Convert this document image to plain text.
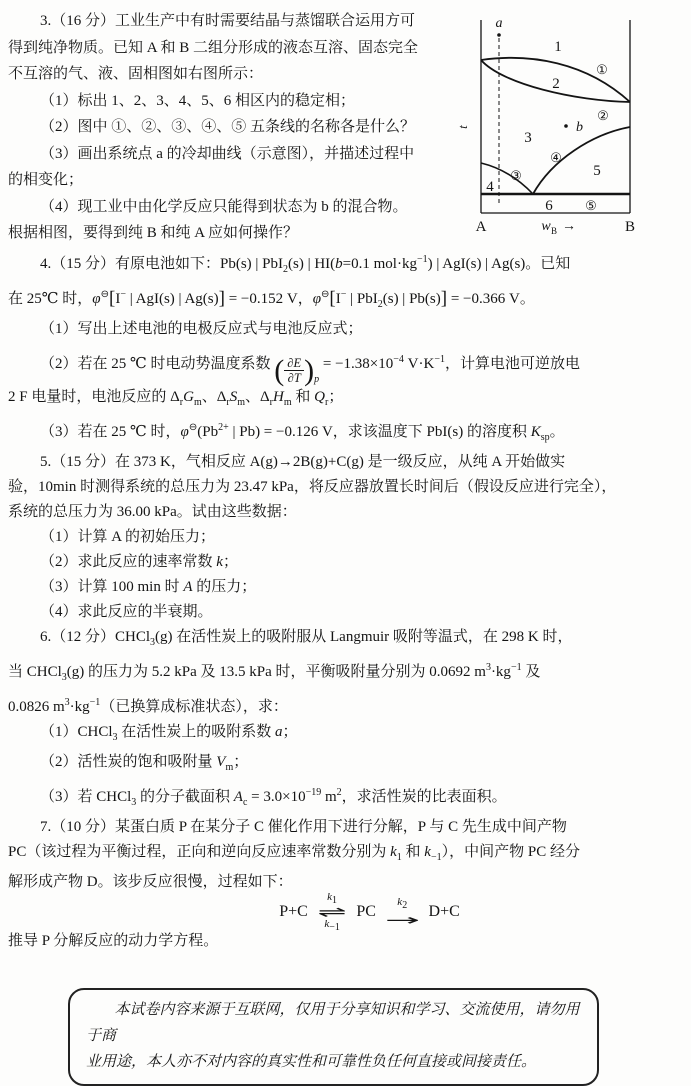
3.（16 分）工业生产中有时需要结晶与蒸馏联合运用方可
得到纯净物质。已知 A 和 B 二组分形成的液态互溶、固态完全
不互溶的气、液、固相图如右图所示：
（1）标出 1、2、3、4、5、6 相区内的稳定相；
（2）图中 ①、②、③、④、⑤ 五条线的名称各是什么？
（3）画出系统点 a 的冷却曲线（示意图），并描述过程中
的相变化；
（4）现工业中由化学反应只能得到状态为 b 的混合物。
根据相图，要得到纯 B 和纯 A 应如何操作？
a
b
1
2
3
4
5
6
①
②
③
④
⑤
t
A	B
w B →
4.（15 分）有原电池如下：Pb(s) | PbI$_2$(s) | HI(b=0.1 $mol\cdot kg^{-1}$) | AgI(s) | Ag(s)。已知
在 25℃ 时，φ⊖[I− | AgI(s) | Ag(s)] = −0.152 V，φ⊖[I− | PbI$_2$(s) | Pb(s)] = −0.366 V。
（1）写出上述电池的电极反应式与电池反应式；
（2）若在 25 ℃ 时电动势温度系数 ( ∂E
∂T ) p
= $-1.38\times 10^{-4}$ $V\cdot K^{-1}$，计算电池可逆放电
2 F 电量时，电池反应的 $\Delta_rG_m$、$\Delta_rS_m$、$\Delta_rH_m$ 和 $Q_r$；
（3）若在 25 ℃ 时，$\varphi^⊖(Pb^{2+}$ | Pb) = −0.126 V，求该温度下 PbI(s) 的溶度积 $K_{sp}$。
5.（15 分）在 373 K，气相反应 A(g)→2B(g)+C(g) 是一级反应，从纯 A 开始做实
验，10min 时测得系统的总压力为 23.47 kPa，将反应器放置长时间后（假设反应进行完全），
系统的总压力为 36.00 kPa。试由这些数据：
（1）计算 A 的初始压力；
（2）求此反应的速率常数 k；
（3）计算 100 min 时 A 的压力；
（4）求此反应的半衰期。
6.（12 分）CHCl$_3$(g) 在活性炭上的吸附服从 Langmuir 吸附等温式，在 298 K 时，
当 CHCl$_3$(g) 的压力为 5.2 kPa 及 13.5 kPa 时，平衡吸附量分别为 0.0692 $m^3\cdot kg^{-1}$ 及
0.0826 $m^3\cdot kg^{-1}$（已换算成标准状态），求：
（1）CHCl$_3$ 在活性炭上的吸附系数 a；
（2）活性炭的饱和吸附量 $V_m$；
（3）若 CHCl$_3$ 的分子截面积 $A_c = 3.0\times 10^{-19}$ $m^2$，求活性炭的比表面积。
7.（10 分）某蛋白质 P 在某分子 C 催化作用下进行分解，P 与 C 先生成中间产物
PC（该过程为平衡过程，正向和逆向反应速率常数分别为 $k_1$ 和 $k_{-1}$），中间产物 PC 经分
解形成产物 D。该步反应很慢，过程如下：
P+C
$k_1$
⇌
$k_{-1}$
PC
$k_2$
→ D+C
推导 P 分解反应的动力学方程。
本试卷内容来源于互联网，仅用于分享知识和学习、交流使用，请勿用于商
业用途，本人亦不对内容的真实性和可靠性负任何直接或间接责任。
